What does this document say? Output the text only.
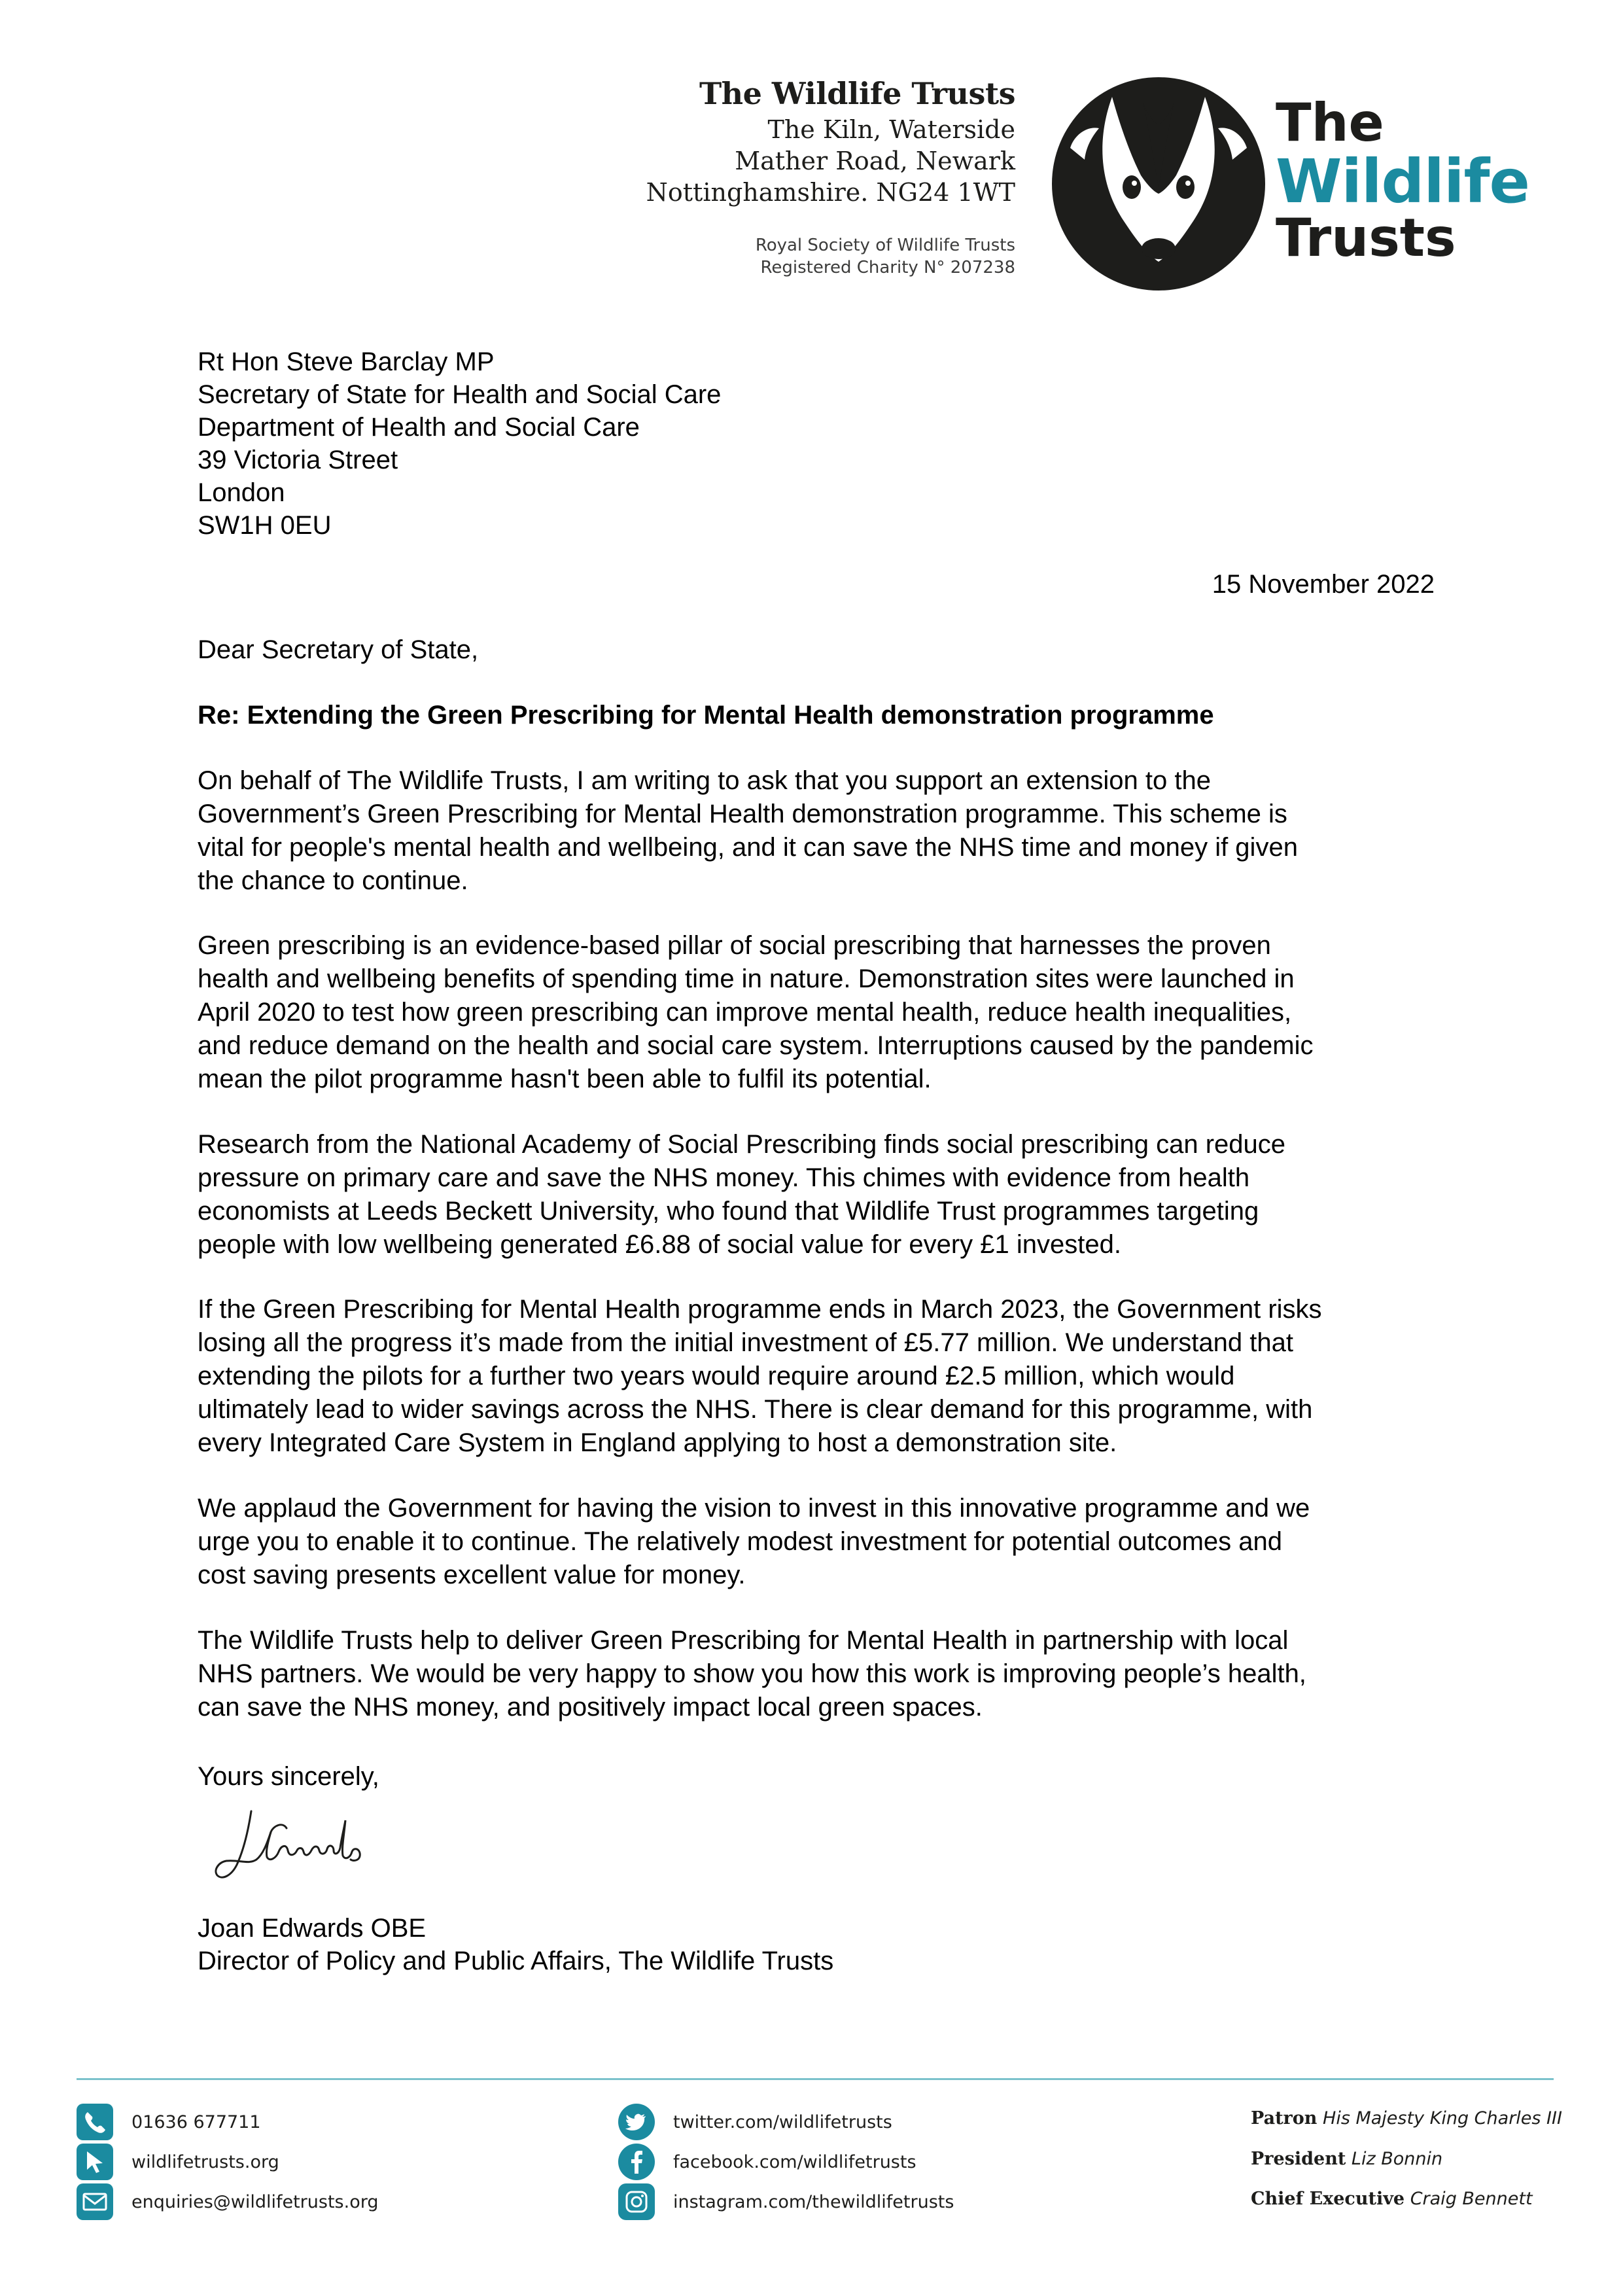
The Wildlife Trusts
The Kiln, Waterside
Mather Road, Newark
Nottinghamshire. NG24 1WT
Royal Society of Wildlife Trusts
Registered Charity N° 207238
The
Wildlife
Trusts
Rt Hon Steve Barclay MP
Secretary of State for Health and Social Care
Department of Health and Social Care
39 Victoria Street
London
SW1H 0EU
15 November 2022
Dear Secretary of State,
Re: Extending the Green Prescribing for Mental Health demonstration programme
On behalf of The Wildlife Trusts, I am writing to ask that you support an extension to the
Government’s Green Prescribing for Mental Health demonstration programme. This scheme is
vital for people's mental health and wellbeing, and it can save the NHS time and money if given
the chance to continue.
Green prescribing is an evidence-based pillar of social prescribing that harnesses the proven
health and wellbeing benefits of spending time in nature. Demonstration sites were launched in
April 2020 to test how green prescribing can improve mental health, reduce health inequalities,
and reduce demand on the health and social care system. Interruptions caused by the pandemic
mean the pilot programme hasn't been able to fulfil its potential.
Research from the National Academy of Social Prescribing finds social prescribing can reduce
pressure on primary care and save the NHS money. This chimes with evidence from health
economists at Leeds Beckett University, who found that Wildlife Trust programmes targeting
people with low wellbeing generated £6.88 of social value for every £1 invested.
If the Green Prescribing for Mental Health programme ends in March 2023, the Government risks
losing all the progress it’s made from the initial investment of £5.77 million. We understand that
extending the pilots for a further two years would require around £2.5 million, which would
ultimately lead to wider savings across the NHS. There is clear demand for this programme, with
every Integrated Care System in England applying to host a demonstration site.
We applaud the Government for having the vision to invest in this innovative programme and we
urge you to enable it to continue. The relatively modest investment for potential outcomes and
cost saving presents excellent value for money.
The Wildlife Trusts help to deliver Green Prescribing for Mental Health in partnership with local
NHS partners. We would be very happy to show you how this work is improving people’s health,
can save the NHS money, and positively impact local green spaces.
Yours sincerely,
Joan Edwards OBE
Director of Policy and Public Affairs, The Wildlife Trusts
01636 677711
wildlifetrusts.org
enquiries@wildlifetrusts.org
twitter.com/wildlifetrusts
facebook.com/wildlifetrusts
instagram.com/thewildlifetrusts
Patron His Majesty King Charles III
President Liz Bonnin
Chief Executive Craig Bennett
